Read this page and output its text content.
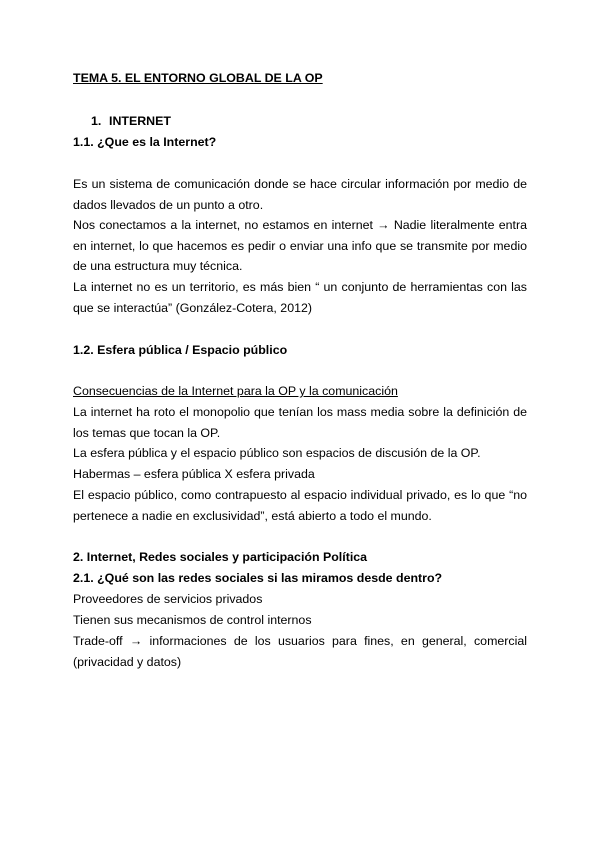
TEMA 5. EL ENTORNO GLOBAL DE LA OP

1. INTERNET

1.1. ¿Que es la Internet?

Es un sistema de comunicación donde se hace circular información por medio de dados llevados de un punto a otro.

Nos conectamos a la internet, no estamos en internet → Nadie literalmente entra en internet, lo que hacemos es pedir o enviar una info que se transmite por medio de una estructura muy técnica.

La internet no es un territorio, es más bien “ un conjunto de herramientas con las que se interactúa” (González-Cotera, 2012)

1.2. Esfera pública / Espacio público

Consecuencias de la Internet para la OP y la comunicación

La internet ha roto el monopolio que tenían los mass media sobre la definición de los temas que tocan la OP.

La esfera pública y el espacio público son espacios de discusión de la OP.

Habermas – esfera pública X esfera privada

El espacio público, como contrapuesto al espacio individual privado, es lo que “no pertenece a nadie en exclusividad”, está abierto a todo el mundo.

2. Internet, Redes sociales y participación Política

2.1. ¿Qué son las redes sociales si las miramos desde dentro?

Proveedores de servicios privados

Tienen sus mecanismos de control internos

Trade-off → informaciones de los usuarios para fines, en general, comercial (privacidad y datos)
